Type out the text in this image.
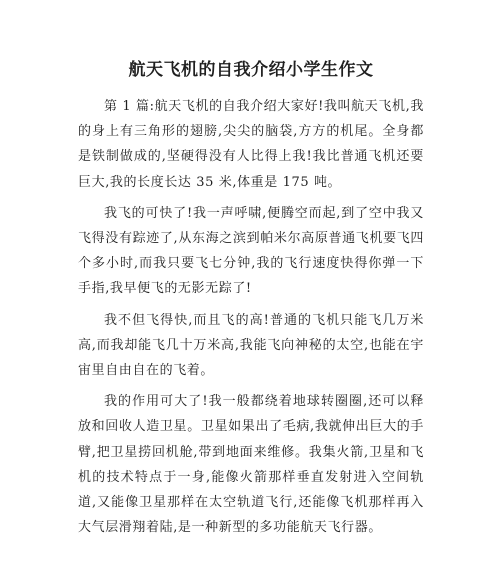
航天飞机的自我介绍小学生作文

第 1 篇:航天飞机的自我介绍大家好!我叫航天飞机,我的身上有三角形的翅膀,尖尖的脑袋,方方的机尾。全身都是铁制做成的,坚硬得没有人比得上我!我比普通飞机还要巨大,我的长度长达 35 米,体重是 175 吨。

我飞的可快了!我一声呼啸,便腾空而起,到了空中我又飞得没有踪迹了,从东海之滨到帕米尔高原普通飞机要飞四个多小时,而我只要飞七分钟,我的飞行速度快得你弹一下手指,我早便飞的无影无踪了!

我不但飞得快,而且飞的高!普通的飞机只能飞几万米高,而我却能飞几十万米高,我能飞向神秘的太空,也能在宇宙里自由自在的飞着。

我的作用可大了!我一般都绕着地球转圈圈,还可以释放和回收人造卫星。卫星如果出了毛病,我就伸出巨大的手臂,把卫星捞回机舱,带到地面来维修。我集火箭,卫星和飞机的技术特点于一身,能像火箭那样垂直发射进入空间轨道,又能像卫星那样在太空轨道飞行,还能像飞机那样再入大气层滑翔着陆,是一种新型的多功能航天飞行器。
